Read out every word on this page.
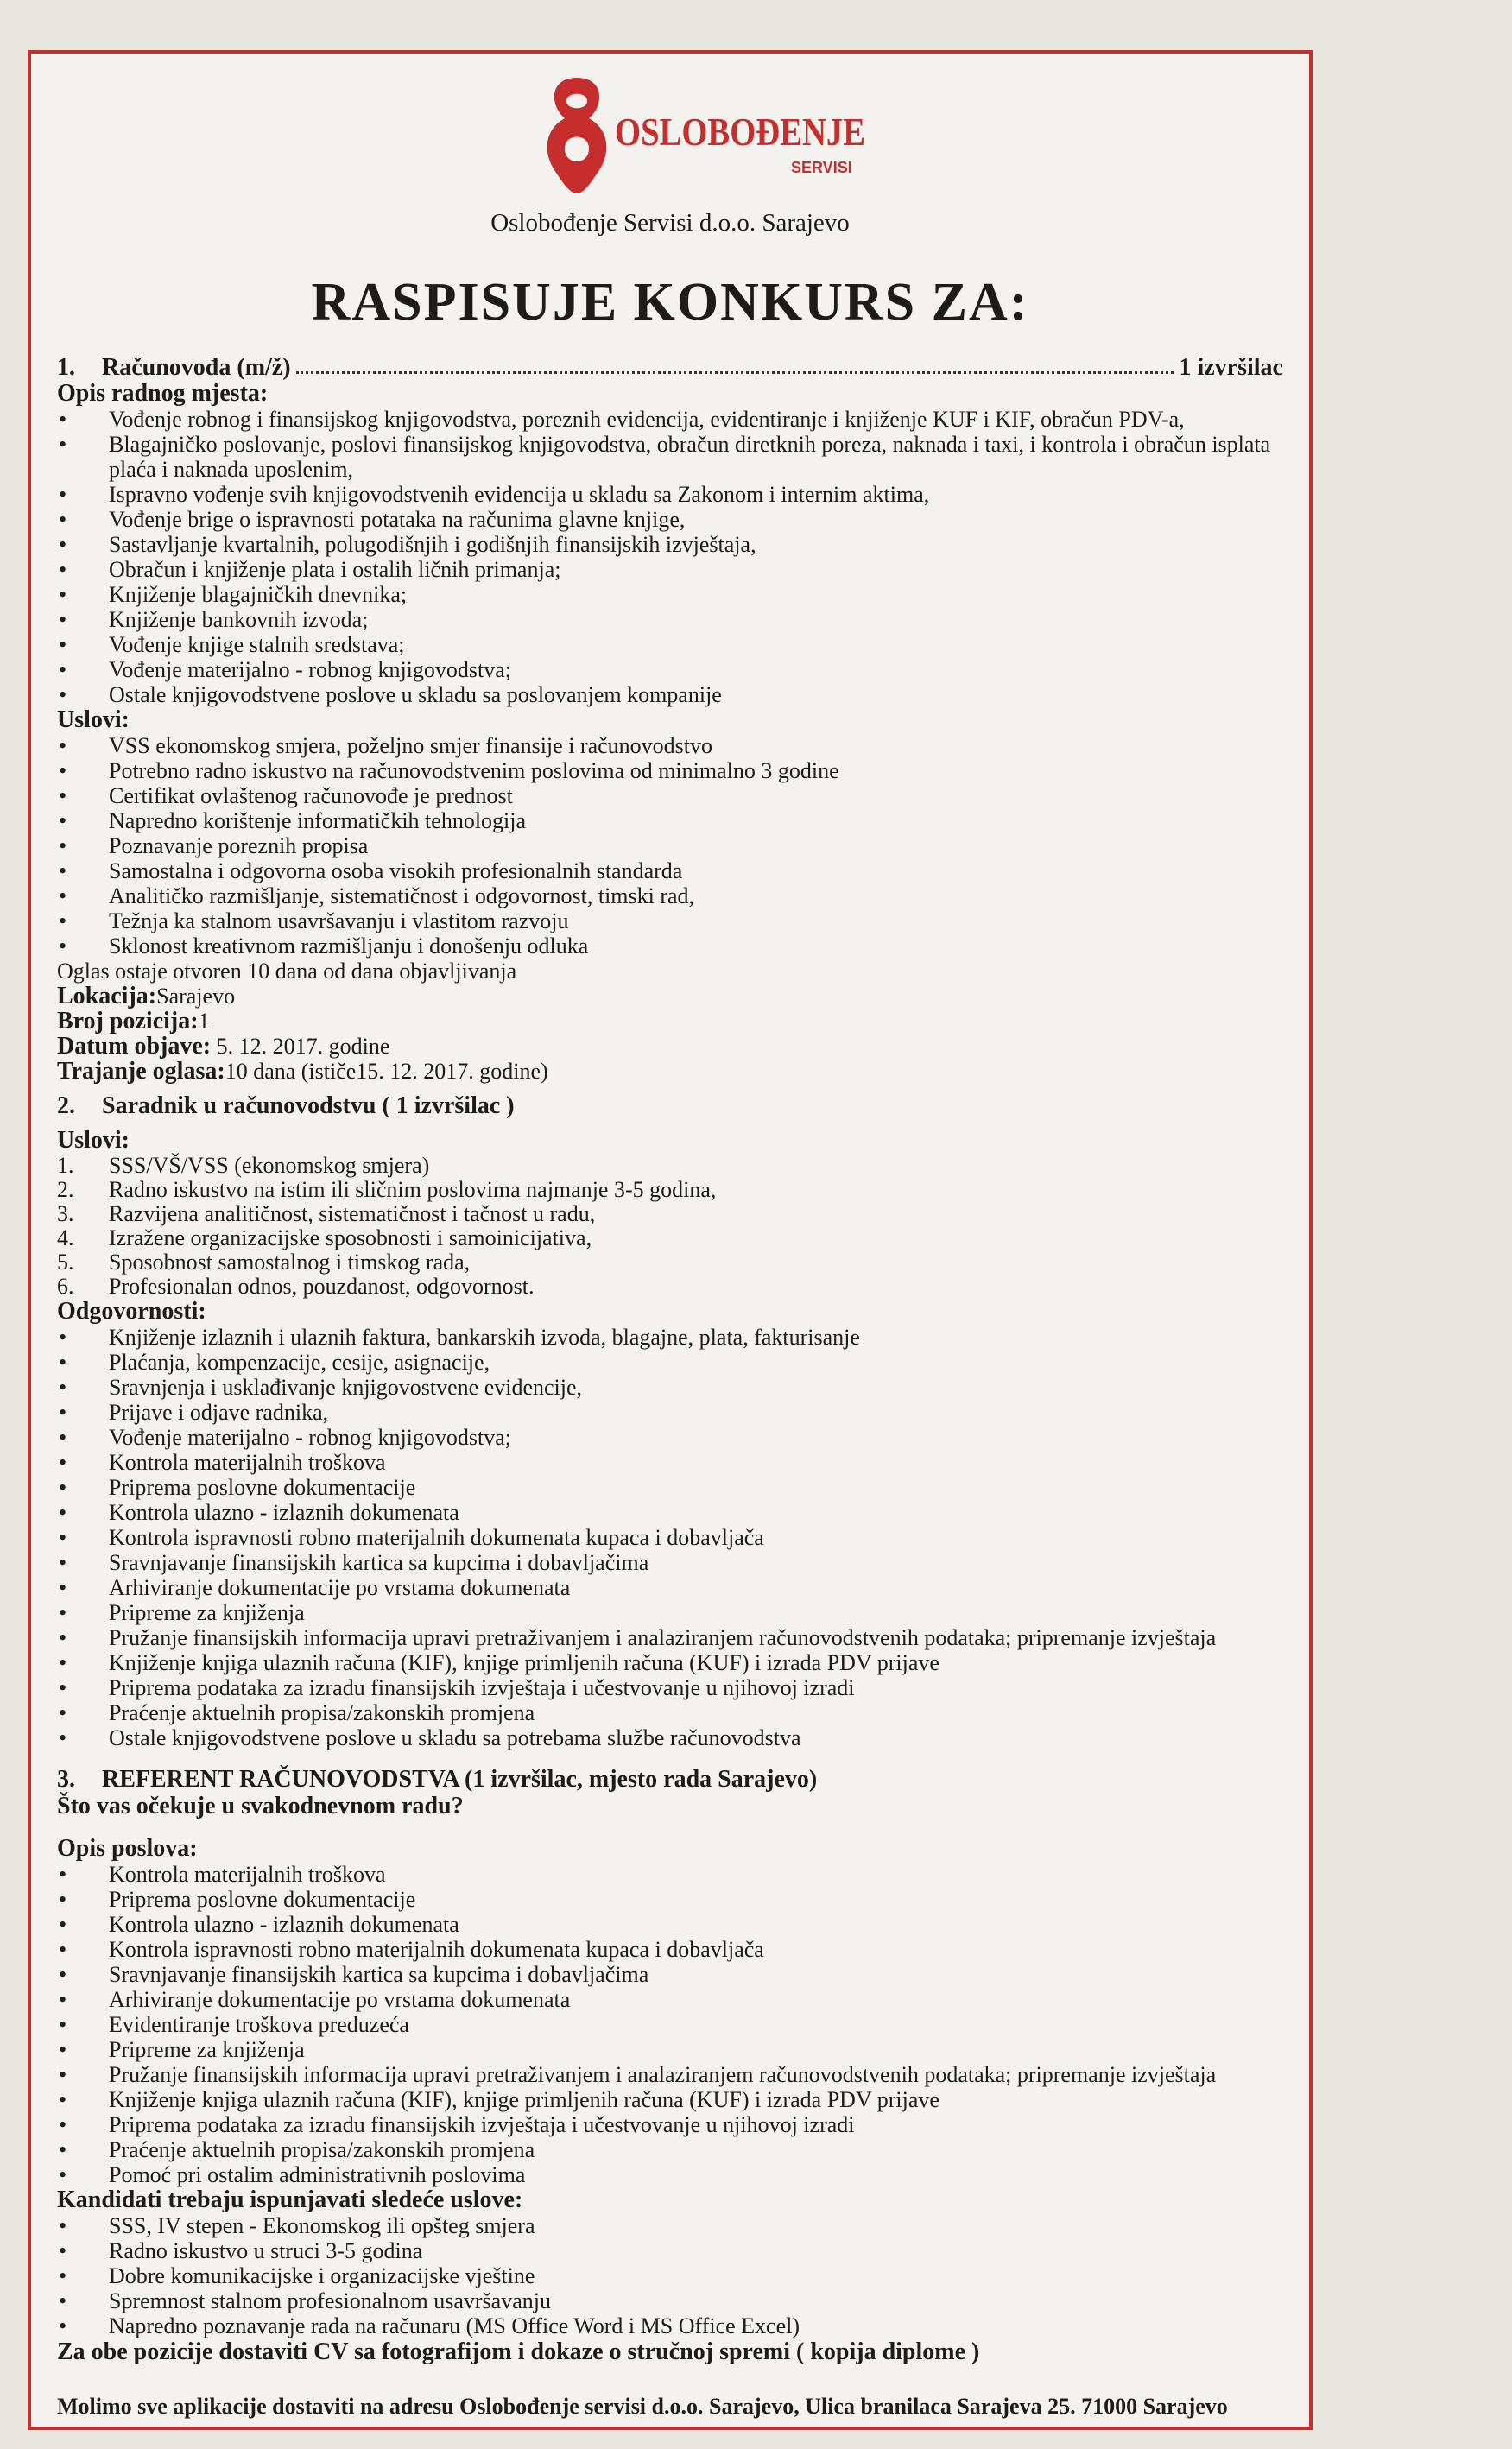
OSLOBOĐENJE
SERVISI
Oslobođenje Servisi d.o.o. Sarajevo
RASPISUJE KONKURS ZA:
1.	Računovođa (m/ž)	1 izvršilac
Opis radnog mjesta:
• Vođenje robnog i finansijskog knjigovodstva, poreznih evidencija, evidentiranje i knjiženje KUF i KIF, obračun PDV-a,
• Blagajničko poslovanje, poslovi finansijskog knjigovodstva, obračun diretknih poreza, naknada i taxi, i kontrola i obračun isplata plaća i naknada uposlenim,
• Ispravno vođenje svih knjigovodstvenih evidencija u skladu sa Zakonom i internim aktima,
• Vođenje brige o ispravnosti potataka na računima glavne knjige,
• Sastavljanje kvartalnih, polugodišnjih i godišnjih finansijskih izvještaja,
• Obračun i knjiženje plata i ostalih ličnih primanja;
• Knjiženje blagajničkih dnevnika;
• Knjiženje bankovnih izvoda;
• Vođenje knjige stalnih sredstava;
• Vođenje materijalno - robnog knjigovodstva;
• Ostale knjigovodstvene poslove u skladu sa poslovanjem kompanije
Uslovi:
• VSS ekonomskog smjera, poželjno smjer finansije i računovodstvo
• Potrebno radno iskustvo na računovodstvenim poslovima od minimalno 3 godine
• Certifikat ovlaštenog računovođe je prednost
• Napredno korištenje informatičkih tehnologija
• Poznavanje poreznih propisa
• Samostalna i odgovorna osoba visokih profesionalnih standarda
• Analitičko razmišljanje, sistematičnost i odgovornost, timski rad,
• Težnja ka stalnom usavršavanju i vlastitom razvoju
• Sklonost kreativnom razmišljanju i donošenju odluka
Oglas ostaje otvoren 10 dana od dana objavljivanja
Lokacija:Sarajevo
Broj pozicija:1
Datum objave: 5. 12. 2017. godine
Trajanje oglasa:10 dana (ističe15. 12. 2017. godine)
2.	Saradnik u računovodstvu ( 1 izvršilac )
Uslovi:
1.	SSS/VŠ/VSS (ekonomskog smjera)
2.	Radno iskustvo na istim ili sličnim poslovima najmanje 3-5 godina,
3.	Razvijena analitičnost, sistematičnost i tačnost u radu,
4.	Izražene organizacijske sposobnosti i samoinicijativa,
5.	Sposobnost samostalnog i timskog rada,
6.	Profesionalan odnos, pouzdanost, odgovornost.
Odgovornosti:
• Knjiženje izlaznih i ulaznih faktura, bankarskih izvoda, blagajne, plata, fakturisanje
• Plaćanja, kompenzacije, cesije, asignacije,
• Sravnjenja i usklađivanje knjigovostvene evidencije,
• Prijave i odjave radnika,
• Vođenje materijalno - robnog knjigovodstva;
• Kontrola materijalnih troškova
• Priprema poslovne dokumentacije
• Kontrola ulazno - izlaznih dokumenata
• Kontrola ispravnosti robno materijalnih dokumenata kupaca i dobavljača
• Sravnjavanje finansijskih kartica sa kupcima i dobavljačima
• Arhiviranje dokumentacije po vrstama dokumenata
• Pripreme za knjiženja
• Pružanje finansijskih informacija upravi pretraživanjem i analaziranjem računovodstvenih podataka; pripremanje izvještaja
• Knjiženje knjiga ulaznih računa (KIF), knjige primljenih računa (KUF) i izrada PDV prijave
• Priprema podataka za izradu finansijskih izvještaja i učestvovanje u njihovoj izradi
• Praćenje aktuelnih propisa/zakonskih promjena
• Ostale knjigovodstvene poslove u skladu sa potrebama službe računovodstva
3.	REFERENT RAČUNOVODSTVA (1 izvršilac, mjesto rada Sarajevo)
Što vas očekuje u svakodnevnom radu?
Opis poslova:
• Kontrola materijalnih troškova
• Priprema poslovne dokumentacije
• Kontrola ulazno - izlaznih dokumenata
• Kontrola ispravnosti robno materijalnih dokumenata kupaca i dobavljača
• Sravnjavanje finansijskih kartica sa kupcima i dobavljačima
• Arhiviranje dokumentacije po vrstama dokumenata
• Evidentiranje troškova preduzeća
• Pripreme za knjiženja
• Pružanje finansijskih informacija upravi pretraživanjem i analaziranjem računovodstvenih podataka; pripremanje izvještaja
• Knjiženje knjiga ulaznih računa (KIF), knjige primljenih računa (KUF) i izrada PDV prijave
• Priprema podataka za izradu finansijskih izvještaja i učestvovanje u njihovoj izradi
• Praćenje aktuelnih propisa/zakonskih promjena
• Pomoć pri ostalim administrativnih poslovima
Kandidati trebaju ispunjavati sledeće uslove:
• SSS, IV stepen - Ekonomskog ili opšteg smjera
• Radno iskustvo u struci 3-5 godina
• Dobre komunikacijske i organizacijske vještine
• Spremnost stalnom profesionalnom usavršavanju
• Napredno poznavanje rada na računaru (MS Office Word i MS Office Excel)
Za obe pozicije dostaviti CV sa fotografijom i dokaze o stručnoj spremi ( kopija diplome )
Molimo sve aplikacije dostaviti na adresu Oslobođenje servisi d.o.o. Sarajevo, Ulica branilaca Sarajeva 25. 71000 Sarajevo
